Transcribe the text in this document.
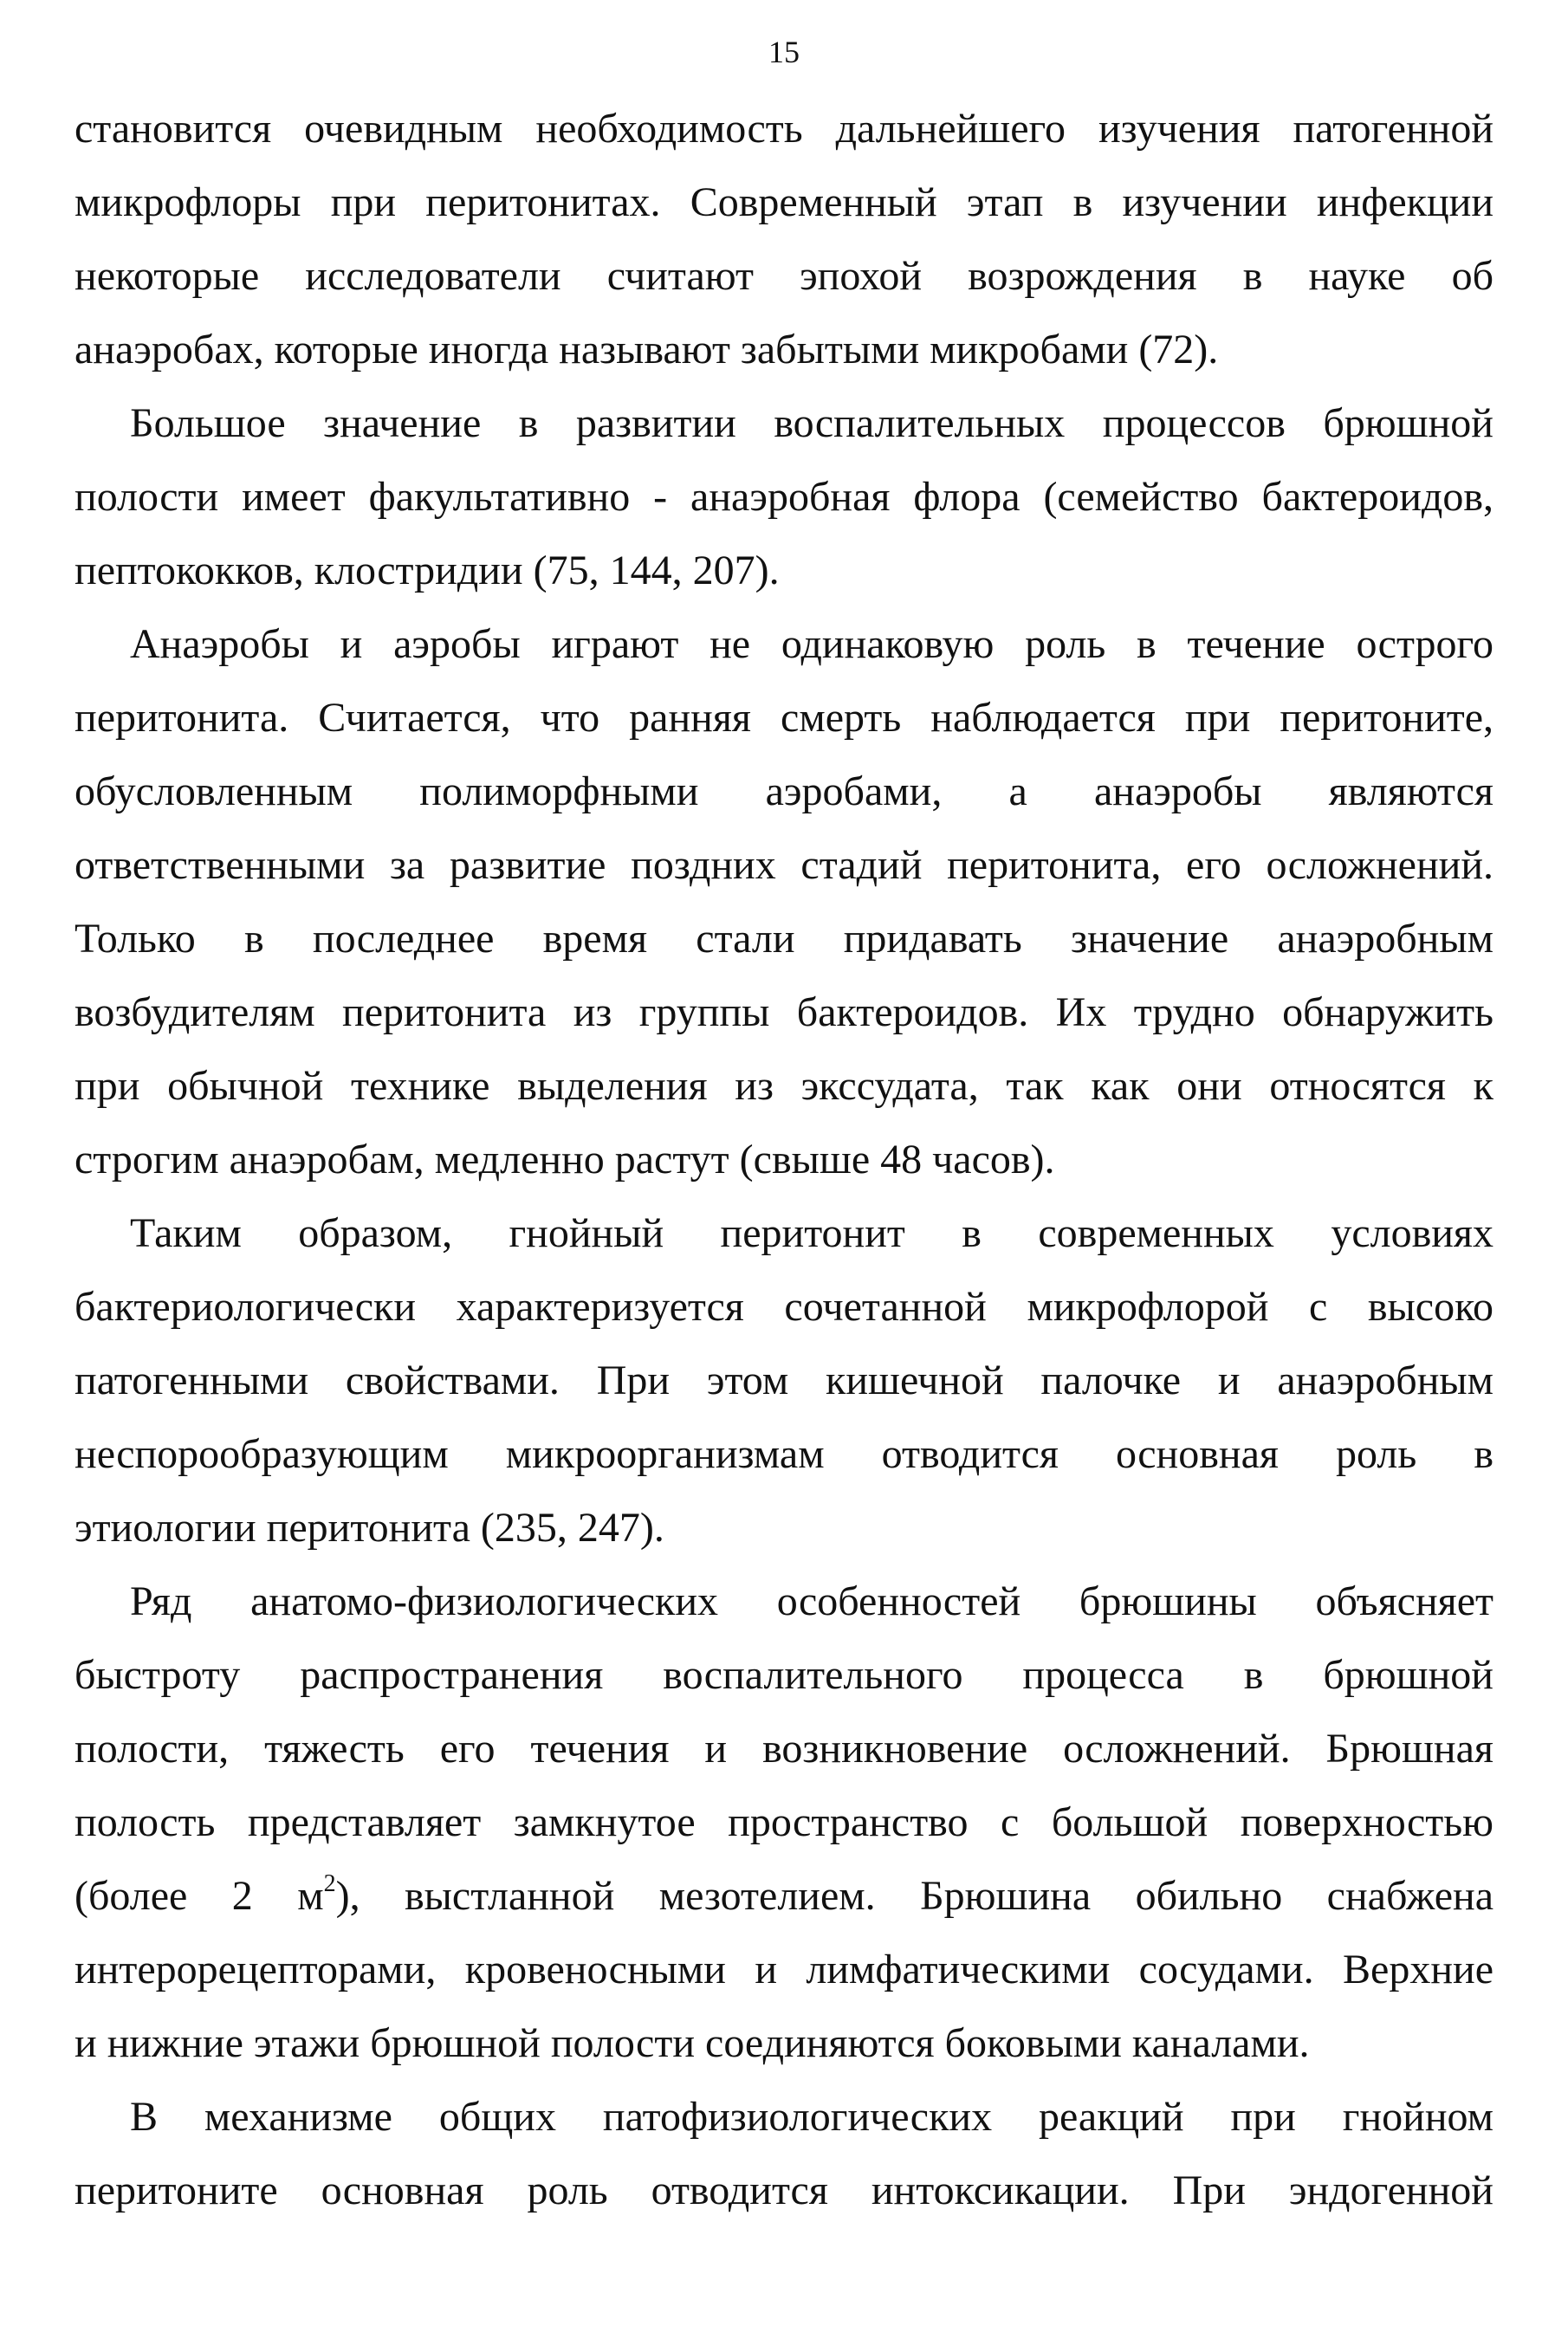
15
становится очевидным необходимость дальнейшего изучения патогенной
микрофлоры при перитонитах. Современный этап в изучении инфекции
некоторые исследователи считают эпохой возрождения в науке об
анаэробах, которые иногда называют забытыми микробами (72).
Большое значение в развитии воспалительных процессов брюшной
полости имеет факультативно - анаэробная флора (семейство бактероидов,
пептококков, клостридии (75, 144, 207).
Анаэробы и аэробы играют не одинаковую роль в течение острого
перитонита. Считается, что ранняя смерть наблюдается при перитоните,
обусловленным полиморфными аэробами, а анаэробы являются
ответственными за развитие поздних стадий перитонита, его осложнений.
Только в последнее время стали придавать значение анаэробным
возбудителям перитонита из группы бактероидов. Их трудно обнаружить
при обычной технике выделения из экссудата, так как они относятся к
строгим анаэробам, медленно растут (свыше 48 часов).
Таким образом, гнойный перитонит в современных условиях
бактериологически характеризуется сочетанной микрофлорой с высоко
патогенными свойствами. При этом кишечной палочке и анаэробным
неспорообразующим микроорганизмам отводится основная роль в
этиологии перитонита (235, 247).
Ряд анатомо-физиологических особенностей брюшины объясняет
быстроту распространения воспалительного процесса в брюшной
полости, тяжесть его течения и возникновение осложнений. Брюшная
полость представляет замкнутое пространство с большой поверхностью
(более 2 $м^2$), выстланной мезотелием. Брюшина обильно снабжена
интерорецепторами, кровеносными и лимфатическими сосудами. Верхние
и нижние этажи брюшной полости соединяются боковыми каналами.
В механизме общих патофизиологических реакций при гнойном
перитоните основная роль отводится интоксикации. При эндогенной
